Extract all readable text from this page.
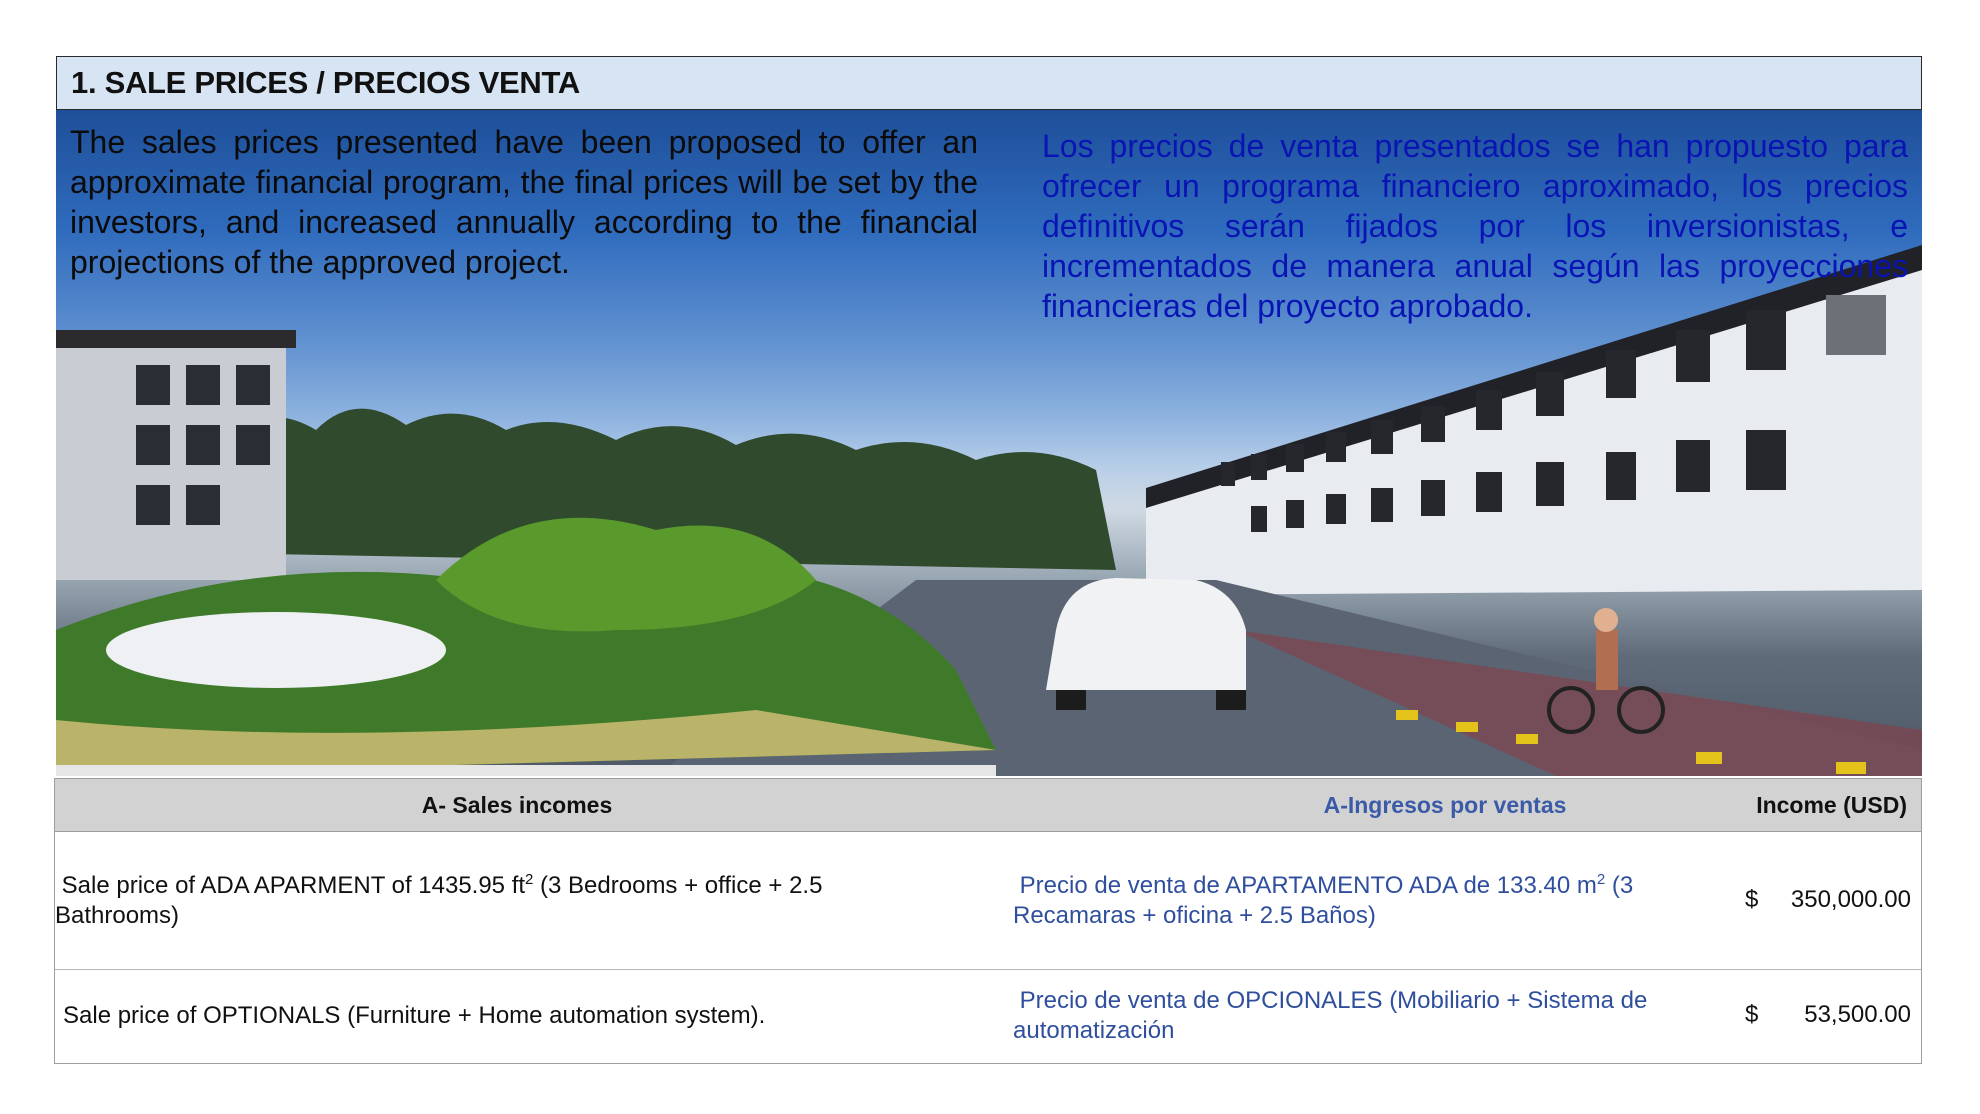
1. SALE PRICES / PRECIOS VENTA
The sales prices presented have been proposed to offer an approximate financial program, the final prices will be set by the investors, and increased annually according to the financial projections of the approved project.
Los precios de venta presentados se han propuesto para ofrecer un programa financiero aproximado, los precios definitivos serán fijados por los inversionistas, e incrementados de manera anual según las proyecciones financieras del proyecto aprobado.
A- Sales incomes	A-Ingresos por ventas	Income (USD)
Sale price of ADA APARMENT of 1435.95 $ft^2$ (3 Bedrooms + office + 2.5
Bathrooms)
Precio de venta de APARTAMENTO ADA de 133.40 $m^2$ (3
Recamaras + oficina + 2.5 Baños)
$ 350,000.00
Sale price of OPTIONALS (Furniture + Home automation system).
Precio de venta de OPCIONALES (Mobiliario + Sistema de
automatización
$ 53,500.00
